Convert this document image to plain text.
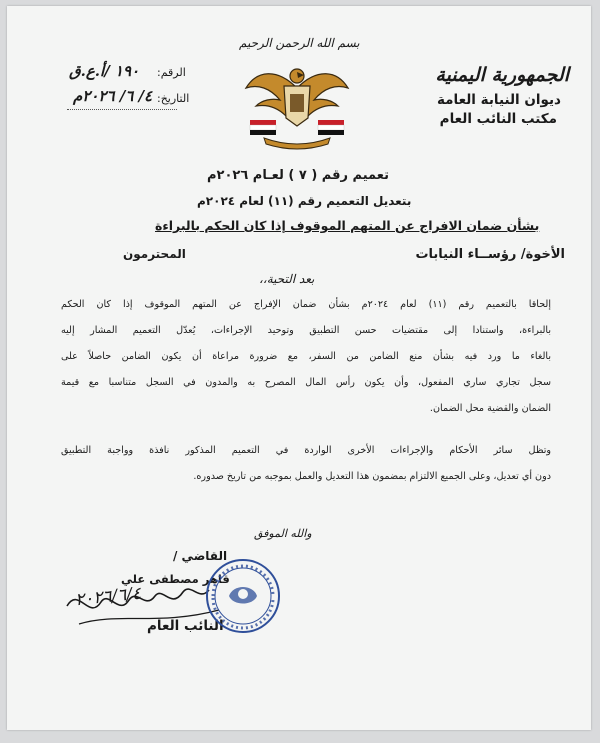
بسم الله الرحمن الرحيم
الجمهورية اليمنية
ديوان النيابة العامة
مكتب النائب العام
الرقم:
١٩٠ /أ.ع.ق
التاريخ:
٤/ ٦/ ٢٠٢٦م
تعميم رقم ( ٧ ) لعـام ٢٠٢٦م
بتعديل التعميم رقم (١١) لعام ٢٠٢٤م
بشأن ضمان الافراج عن المتهم الموقوف إذا كان الحكم بالبراءة
الأخوة/ رؤســاء النيابات
المحترمون
بعد التحية،،
إلحاقا بالتعميم رقم (١١) لعام ٢٠٢٤م بشأن ضمان الإفراج عن المتهم الموقوف إذا كان الحكم
بالبراءة، واستنادا إلى مقتضيات حسن التطبيق وتوحيد الإجراءات، يُعدّل التعميم المشار إليه
بالغاء ما ورد فيه بشأن منع الضامن من السفر، مع ضرورة مراعاة أن يكون الضامن حاصلاً على
سجل تجاري ساري المفعول، وأن يكون رأس المال المصرح به والمدون في السجل متناسبا مع قيمة
الضمان والقضية محل الضمان.
وتظل سائر الأحكام والإجراءات الأخرى الواردة في التعميم المذكور نافذة وواجبة التطبيق
دون أي تعديل، وعلى الجميع الالتزام بمضمون هذا التعديل والعمل بموجبه من تاريخ صدوره.
والله الموفق
القاضي /
قاهر مصطفى علي
النائب العام
٢٠٢٦/٦/٤
